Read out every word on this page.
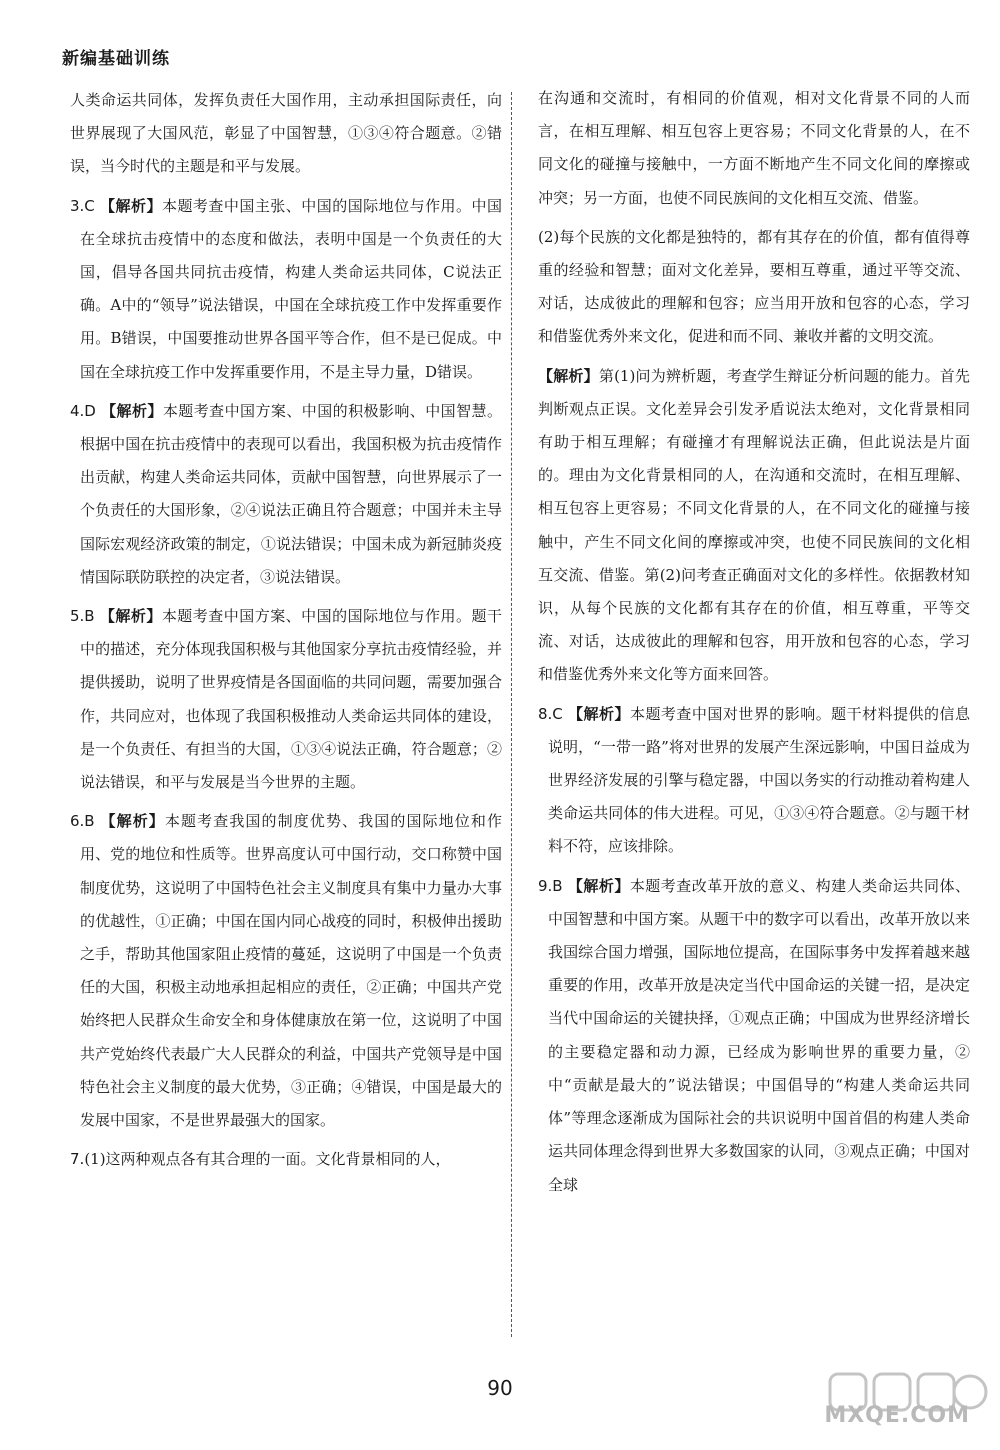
新编基础训练

人类命运共同体，发挥负责任大国作用，主动承担国际责任，向世界展现了大国风范，彰显了中国智慧，①③④符合题意。②错误，当今时代的主题是和平与发展。

3.C 【解析】本题考查中国主张、中国的国际地位与作用。中国在全球抗击疫情中的态度和做法，表明中国是一个负责任的大国，倡导各国共同抗击疫情，构建人类命运共同体，C说法正确。A中的“领导”说法错误，中国在全球抗疫工作中发挥重要作用。B错误，中国要推动世界各国平等合作，但不是已促成。中国在全球抗疫工作中发挥重要作用，不是主导力量，D错误。

4.D 【解析】本题考查中国方案、中国的积极影响、中国智慧。根据中国在抗击疫情中的表现可以看出，我国积极为抗击疫情作出贡献，构建人类命运共同体，贡献中国智慧，向世界展示了一个负责任的大国形象，②④说法正确且符合题意；中国并未主导国际宏观经济政策的制定，①说法错误；中国未成为新冠肺炎疫情国际联防联控的决定者，③说法错误。

5.B 【解析】本题考查中国方案、中国的国际地位与作用。题干中的描述，充分体现我国积极与其他国家分享抗击疫情经验，并提供援助，说明了世界疫情是各国面临的共同问题，需要加强合作，共同应对，也体现了我国积极推动人类命运共同体的建设，是一个负责任、有担当的大国，①③④说法正确，符合题意；②说法错误，和平与发展是当今世界的主题。

6.B 【解析】本题考查我国的制度优势、我国的国际地位和作用、党的地位和性质等。世界高度认可中国行动，交口称赞中国制度优势，这说明了中国特色社会主义制度具有集中力量办大事的优越性，①正确；中国在国内同心战疫的同时，积极伸出援助之手，帮助其他国家阻止疫情的蔓延，这说明了中国是一个负责任的大国，积极主动地承担起相应的责任，②正确；中国共产党始终把人民群众生命安全和身体健康放在第一位，这说明了中国共产党始终代表最广大人民群众的利益，中国共产党领导是中国特色社会主义制度的最大优势，③正确；④错误，中国是最大的发展中国家，不是世界最强大的国家。

7.(1)这两种观点各有其合理的一面。文化背景相同的人，

在沟通和交流时，有相同的价值观，相对文化背景不同的人而言，在相互理解、相互包容上更容易；不同文化背景的人，在不同文化的碰撞与接触中，一方面不断地产生不同文化间的摩擦或冲突；另一方面，也使不同民族间的文化相互交流、借鉴。

(2)每个民族的文化都是独特的，都有其存在的价值，都有值得尊重的经验和智慧；面对文化差异，要相互尊重，通过平等交流、对话，达成彼此的理解和包容；应当用开放和包容的心态，学习和借鉴优秀外来文化，促进和而不同、兼收并蓄的文明交流。

【解析】第(1)问为辨析题，考查学生辩证分析问题的能力。首先判断观点正误。文化差异会引发矛盾说法太绝对，文化背景相同有助于相互理解；有碰撞才有理解说法正确，但此说法是片面的。理由为文化背景相同的人，在沟通和交流时，在相互理解、相互包容上更容易；不同文化背景的人，在不同文化的碰撞与接触中，产生不同文化间的摩擦或冲突，也使不同民族间的文化相互交流、借鉴。第(2)问考查正确面对文化的多样性。依据教材知识，从每个民族的文化都有其存在的价值，相互尊重，平等交流、对话，达成彼此的理解和包容，用开放和包容的心态，学习和借鉴优秀外来文化等方面来回答。

8.C 【解析】本题考查中国对世界的影响。题干材料提供的信息说明，“一带一路”将对世界的发展产生深远影响，中国日益成为世界经济发展的引擎与稳定器，中国以务实的行动推动着构建人类命运共同体的伟大进程。可见，①③④符合题意。②与题干材料不符，应该排除。

9.B 【解析】本题考查改革开放的意义、构建人类命运共同体、中国智慧和中国方案。从题干中的数字可以看出，改革开放以来我国综合国力增强，国际地位提高，在国际事务中发挥着越来越重要的作用，改革开放是决定当代中国命运的关键一招，是决定当代中国命运的关键抉择，①观点正确；中国成为世界经济增长的主要稳定器和动力源，已经成为影响世界的重要力量，②中“贡献是最大的”说法错误；中国倡导的“构建人类命运共同体”等理念逐渐成为国际社会的共识说明中国首倡的构建人类命运共同体理念得到世界大多数国家的认同，③观点正确；中国对全球

90
MXQE.COM
